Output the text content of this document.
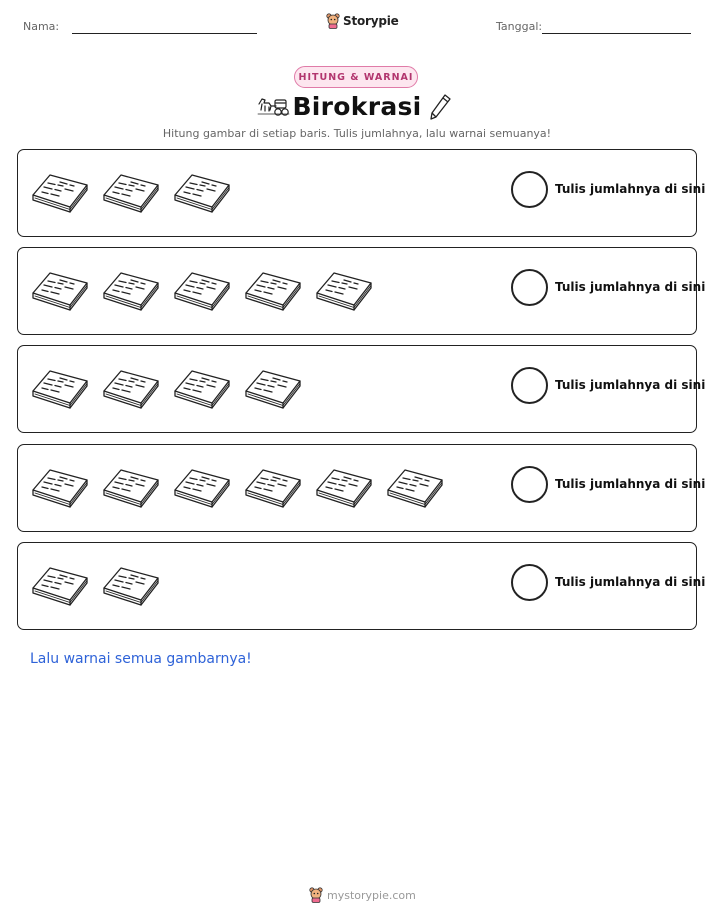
Nama:	Storypie	Tanggal:
HITUNG & WARNAI
Birokrasi
Hitung gambar di setiap baris. Tulis jumlahnya, lalu warnai semuanya!
Tulis jumlahnya di sini
Tulis jumlahnya di sini
Tulis jumlahnya di sini
Tulis jumlahnya di sini
Tulis jumlahnya di sini
Lalu warnai semua gambarnya!
mystorypie.com
